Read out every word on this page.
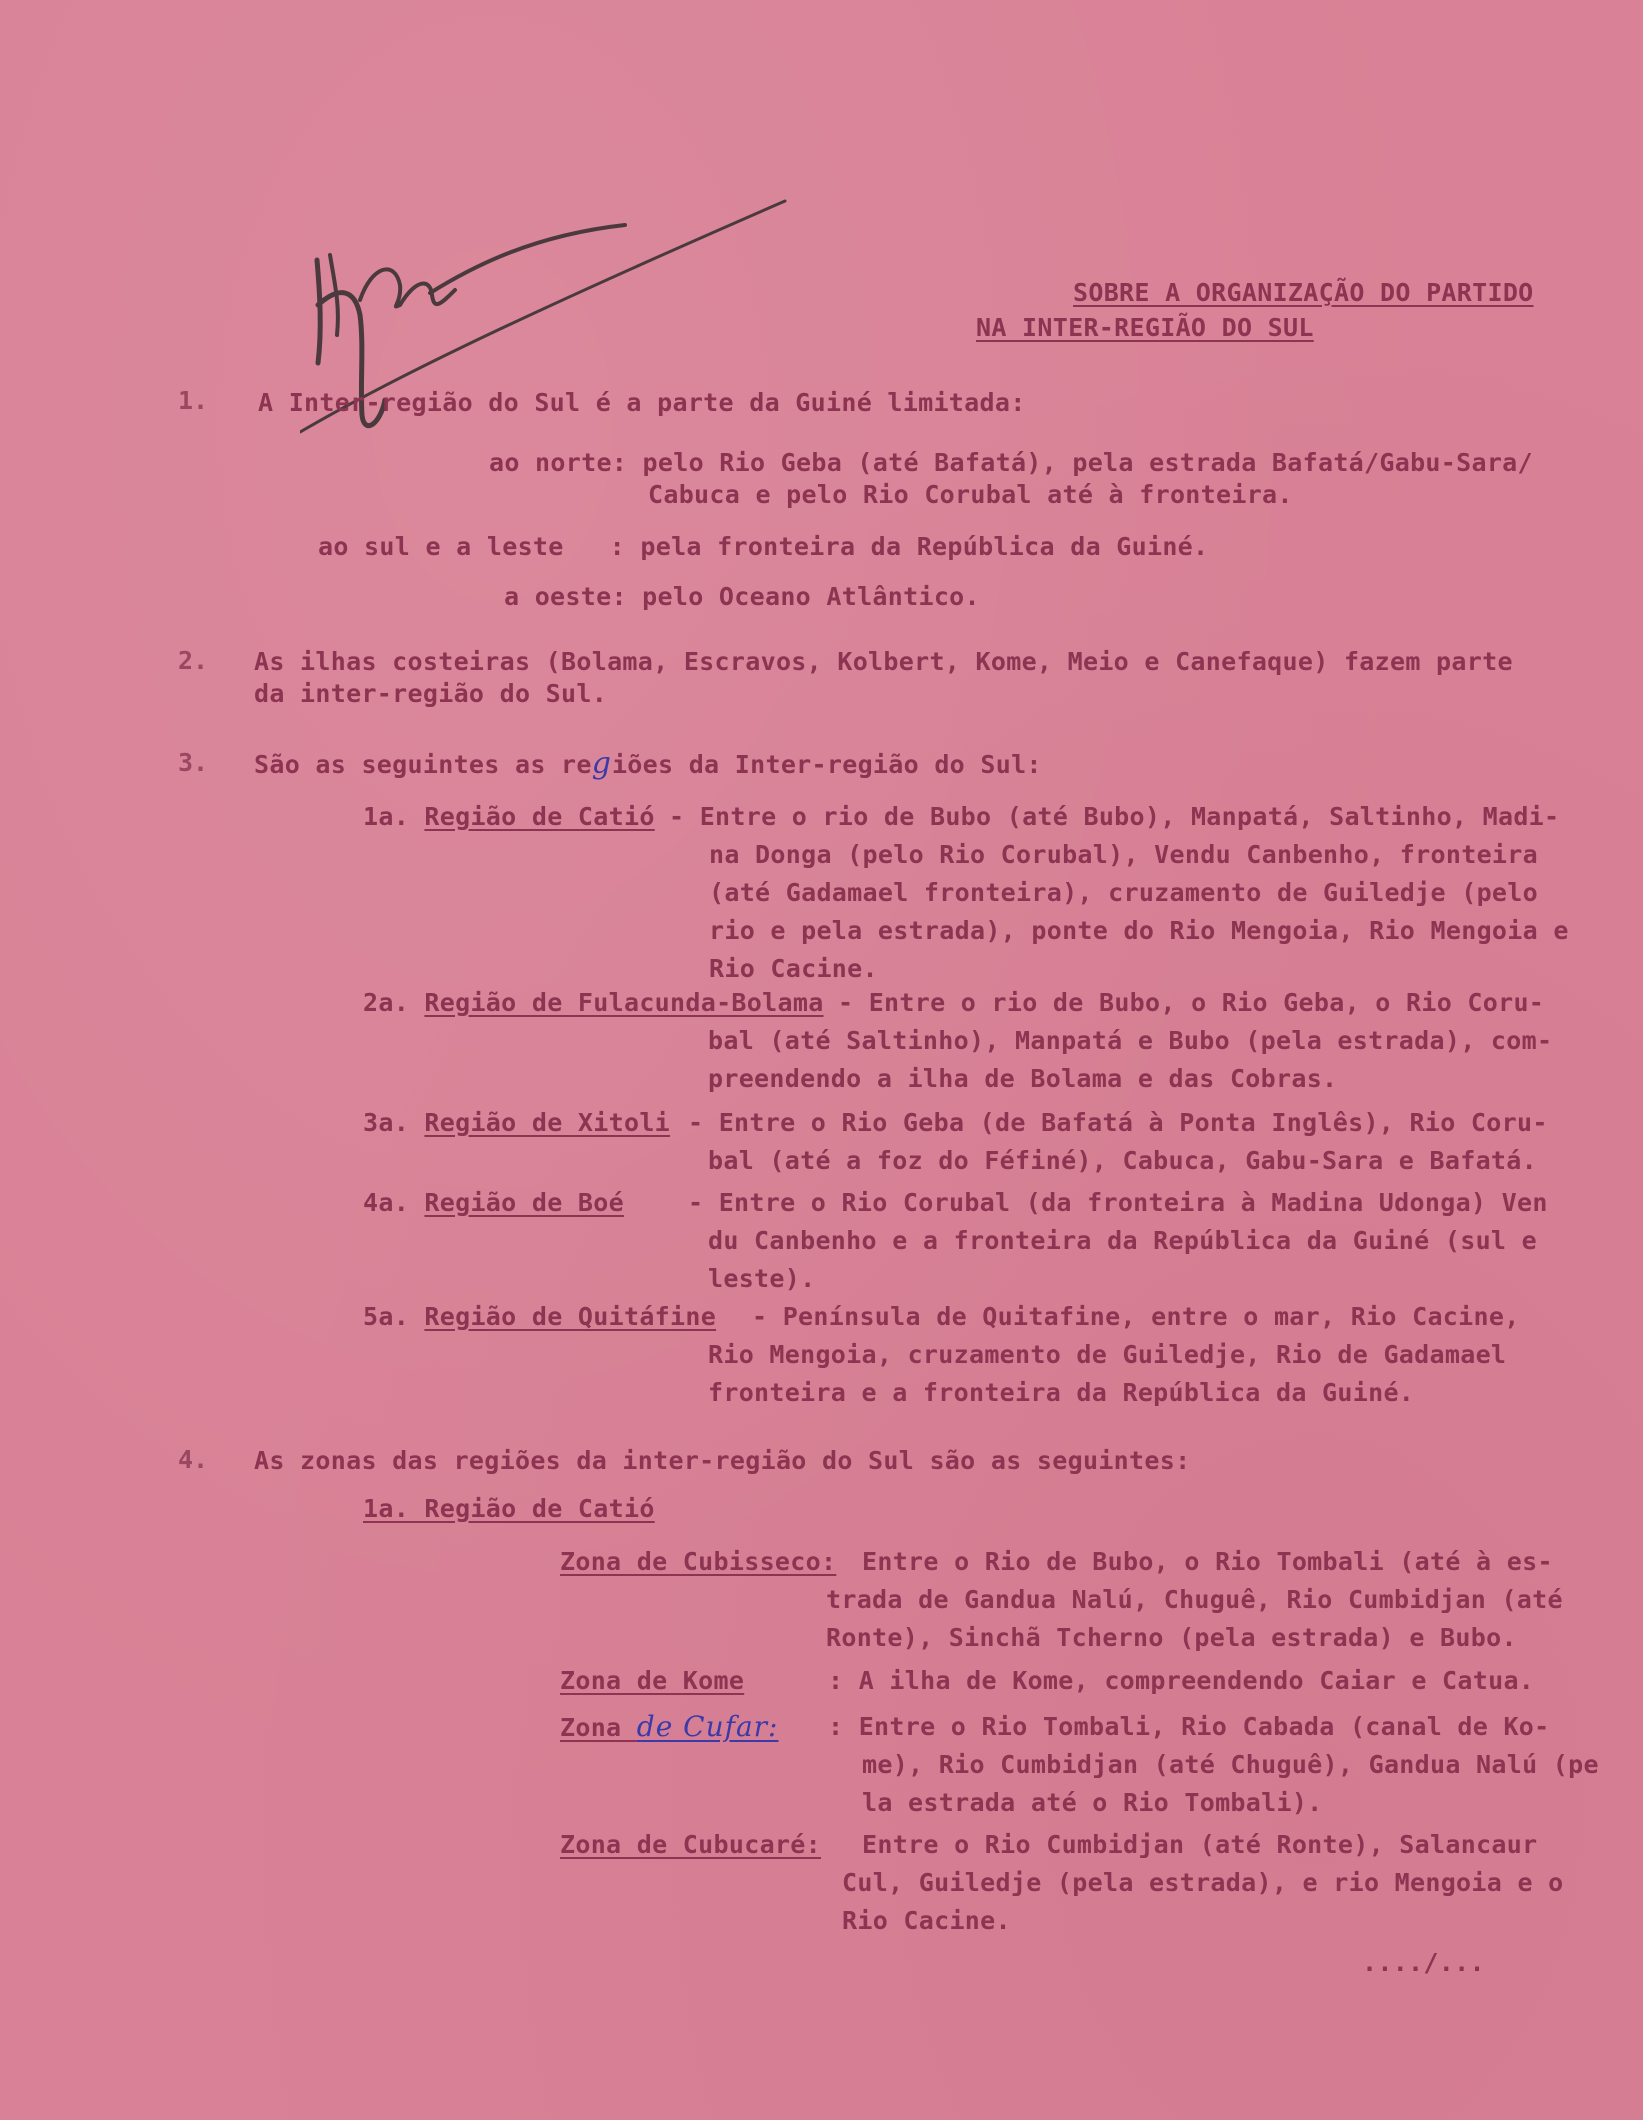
SOBRE A ORGANIZAÇÃO DO PARTIDO
NA INTER-REGIÃO DO SUL
1. A Inter-região do Sul é a parte da Guiné limitada:
ao norte: pelo Rio Geba (até Bafatá), pela estrada Bafatá/Gabu-Sara/
Cabuca e pelo Rio Corubal até à fronteira.
ao sul e a leste   : pela fronteira da República da Guiné.
a oeste: pelo Oceano Atlântico.
2. As ilhas costeiras (Bolama, Escravos, Kolbert, Kome, Meio e Canefaque) fazem parte
da inter-região do Sul.
3. São as seguintes as regiões da Inter-região do Sul:
1a. Região de Catió - Entre o rio de Bubo (até Bubo), Manpatá, Saltinho, Madi-
na Donga (pelo Rio Corubal), Vendu Canbenho, fronteira
(até Gadamael fronteira), cruzamento de Guiledje (pelo
rio e pela estrada), ponte do Rio Mengoia, Rio Mengoia e
Rio Cacine.
2a. Região de Fulacunda-Bolama - Entre o rio de Bubo, o Rio Geba, o Rio Coru-
bal (até Saltinho), Manpatá e Bubo (pela estrada), com-
preendendo a ilha de Bolama e das Cobras.
3a. Região de Xitoli - Entre o Rio Geba (de Bafatá à Ponta Inglês), Rio Coru-
bal (até a foz do Féfiné), Cabuca, Gabu-Sara e Bafatá.
4a. Região de Boé	- Entre o Rio Corubal (da fronteira à Madina Udonga) Ven
du Canbenho e a fronteira da República da Guiné (sul e
leste).
5a. Região de Quitáfine - Península de Quitafine, entre o mar, Rio Cacine,
Rio Mengoia, cruzamento de Guiledje, Rio de Gadamael
fronteira e a fronteira da República da Guiné.
4. As zonas das regiões da inter-região do Sul são as seguintes:
1a. Região de Catió
Zona de Cubisseco: Entre o Rio de Bubo, o Rio Tombali (até à es-
trada de Gandua Nalú, Chuguê, Rio Cumbidjan (até
Ronte), Sinchã Tcherno (pela estrada) e Bubo.
Zona de Kome	: A ilha de Kome, compreendendo Caiar e Catua.
Zona de Cufar: : Entre o Rio Tombali, Rio Cabada (canal de Ko-
me), Rio Cumbidjan (até Chuguê), Gandua Nalú (pe
la estrada até o Rio Tombali).
Zona de Cubucaré: Entre o Rio Cumbidjan (até Ronte), Salancaur
Cul, Guiledje (pela estrada), e rio Mengoia e o
Rio Cacine.
..../...
